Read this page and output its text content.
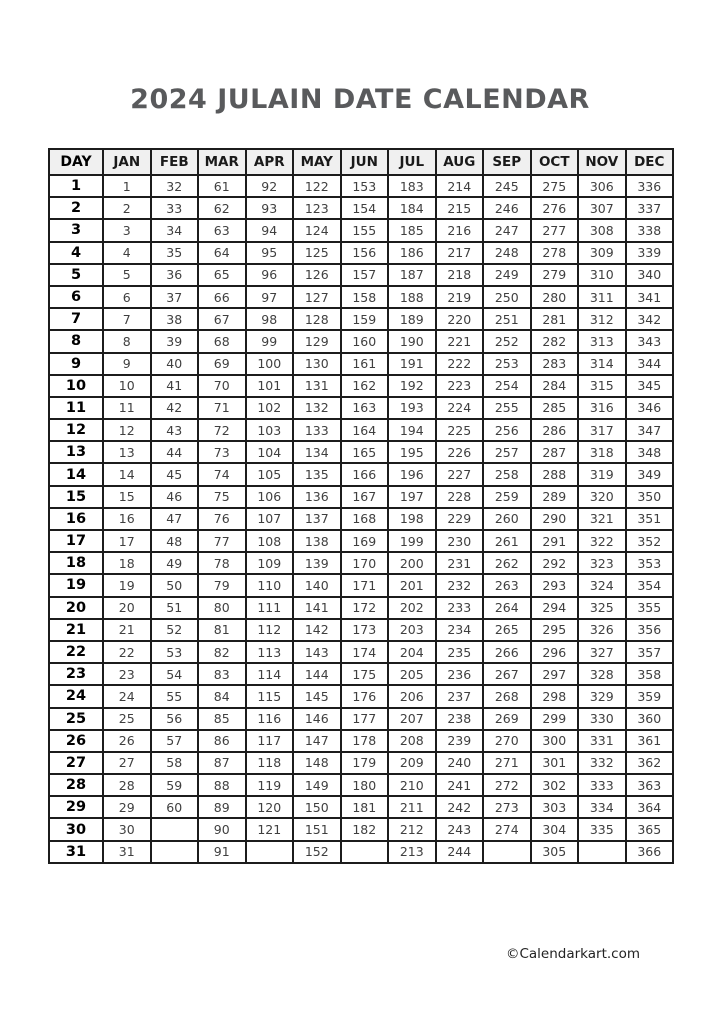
2024 JULAIN DATE CALENDAR
DAY	JAN	FEB	MAR	APR	MAY	JUN	JUL	AUG	SEP	OCT	NOV	DEC
1	1	32	61	92	122	153	183	214	245	275	306	336
2	2	33	62	93	123	154	184	215	246	276	307	337
3	3	34	63	94	124	155	185	216	247	277	308	338
4	4	35	64	95	125	156	186	217	248	278	309	339
5	5	36	65	96	126	157	187	218	249	279	310	340
6	6	37	66	97	127	158	188	219	250	280	311	341
7	7	38	67	98	128	159	189	220	251	281	312	342
8	8	39	68	99	129	160	190	221	252	282	313	343
9	9	40	69	100	130	161	191	222	253	283	314	344
10	10	41	70	101	131	162	192	223	254	284	315	345
11	11	42	71	102	132	163	193	224	255	285	316	346
12	12	43	72	103	133	164	194	225	256	286	317	347
13	13	44	73	104	134	165	195	226	257	287	318	348
14	14	45	74	105	135	166	196	227	258	288	319	349
15	15	46	75	106	136	167	197	228	259	289	320	350
16	16	47	76	107	137	168	198	229	260	290	321	351
17	17	48	77	108	138	169	199	230	261	291	322	352
18	18	49	78	109	139	170	200	231	262	292	323	353
19	19	50	79	110	140	171	201	232	263	293	324	354
20	20	51	80	111	141	172	202	233	264	294	325	355
21	21	52	81	112	142	173	203	234	265	295	326	356
22	22	53	82	113	143	174	204	235	266	296	327	357
23	23	54	83	114	144	175	205	236	267	297	328	358
24	24	55	84	115	145	176	206	237	268	298	329	359
25	25	56	85	116	146	177	207	238	269	299	330	360
26	26	57	86	117	147	178	208	239	270	300	331	361
27	27	58	87	118	148	179	209	240	271	301	332	362
28	28	59	88	119	149	180	210	241	272	302	333	363
29	29	60	89	120	150	181	211	242	273	303	334	364
30	30		90	121	151	182	212	243	274	304	335	365
31	31		91		152		213	244		305		366
©Calendarkart.com
